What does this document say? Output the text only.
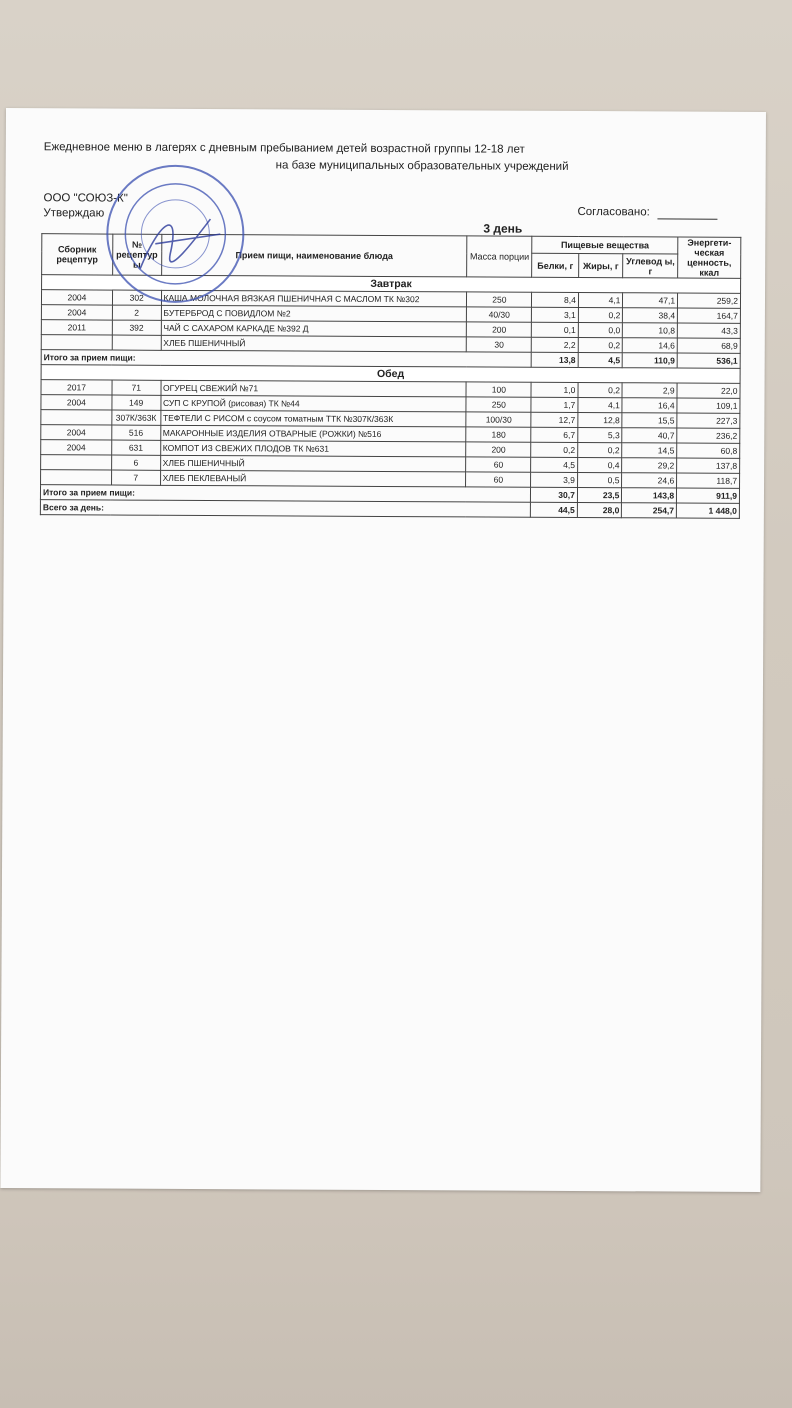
Ежедневное меню в лагерях с дневным пребыванием детей возрастной группы 12-18 лет
на базе муниципальных образовательных учреждений
ООО "СОЮЗ-К"
Утверждаю	Согласовано:
3 день
Сборник рецептур	№ рецептур ы	Прием пищи, наименование блюда	Масса порции	Пищевые вещества			Энергети-ческая ценность, ккал
				Белки, г	Жиры, г	Углевод ы, г	
Завтрак							
2004	302	КАША МОЛОЧНАЯ ВЯЗКАЯ ПШЕНИЧНАЯ С МАСЛОМ ТК №302	250	8,4	4,1	47,1	259,2
2004	2	БУТЕРБРОД С ПОВИДЛОМ №2	40/30	3,1	0,2	38,4	164,7
2011	392	ЧАЙ С САХАРОМ КАРКАДЕ №392 Д	200	0,1	0,0	10,8	43,3
		ХЛЕБ ПШЕНИЧНЫЙ	30	2,2	0,2	14,6	68,9
Итого за прием пищи:				13,8	4,5	110,9	536,1
Обед							
2017	71	ОГУРЕЦ СВЕЖИЙ №71	100	1,0	0,2	2,9	22,0
2004	149	СУП С КРУПОЙ (рисовая) ТК №44	250	1,7	4,1	16,4	109,1
	307К/363К	ТЕФТЕЛИ С РИСОМ с соусом томатным ТТК №307К/363К	100/30	12,7	12,8	15,5	227,3
2004	516	МАКАРОННЫЕ ИЗДЕЛИЯ ОТВАРНЫЕ (РОЖКИ) №516	180	6,7	5,3	40,7	236,2
2004	631	КОМПОТ ИЗ СВЕЖИХ ПЛОДОВ ТК №631	200	0,2	0,2	14,5	60,8
	6	ХЛЕБ ПШЕНИЧНЫЙ	60	4,5	0,4	29,2	137,8
	7	ХЛЕБ ПЕКЛЕВАНЫЙ	60	3,9	0,5	24,6	118,7
Итого за прием пищи:				30,7	23,5	143,8	911,9
Всего за день:				44,5	28,0	254,7	1 448,0
